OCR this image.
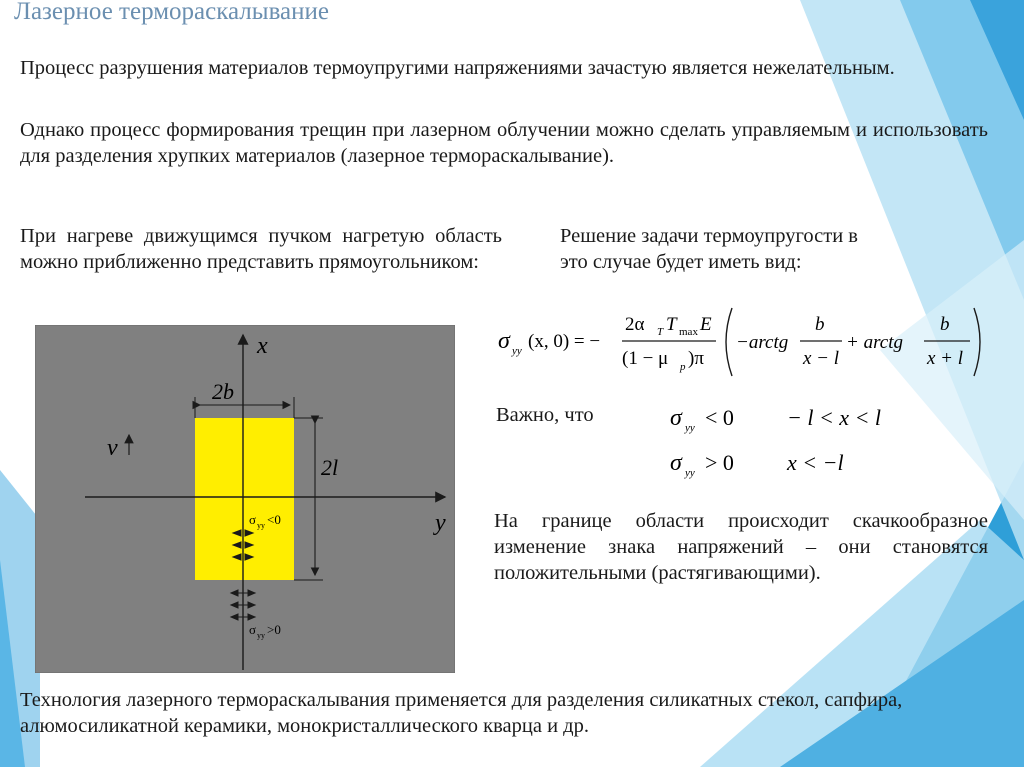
Лазерное термораскалывание
Процесс разрушения материалов термоупругими напряжениями зачастую является нежелательным.
Однако процесс формирования трещин при лазерном облучении можно сделать управляемым и использовать для разделения хрупких материалов (лазерное термораскалывание).
При нагреве движущимся пучком нагретую область можно приближенно представить прямоугольником:
Решение задачи термоупругости в это случае будет иметь вид:
σ yy (x, 0) = −
2α T T max E
(1 − μ p )π
−arctg
b
x − l
+ arctg
b
x + l
Важно, что	σ yy < 0 − l < x < l
σ yy > 0 x < −l
На границе области происходит скачкообразное изменение знака напряжений – они становятся положительными (растягивающими).
x
y
v
2b
2l
σ yy <0
σ yy >0
Технология лазерного термораскалывания применяется для разделения силикатных стекол, сапфира, алюмосиликатной керамики, монокристаллического кварца и др.
